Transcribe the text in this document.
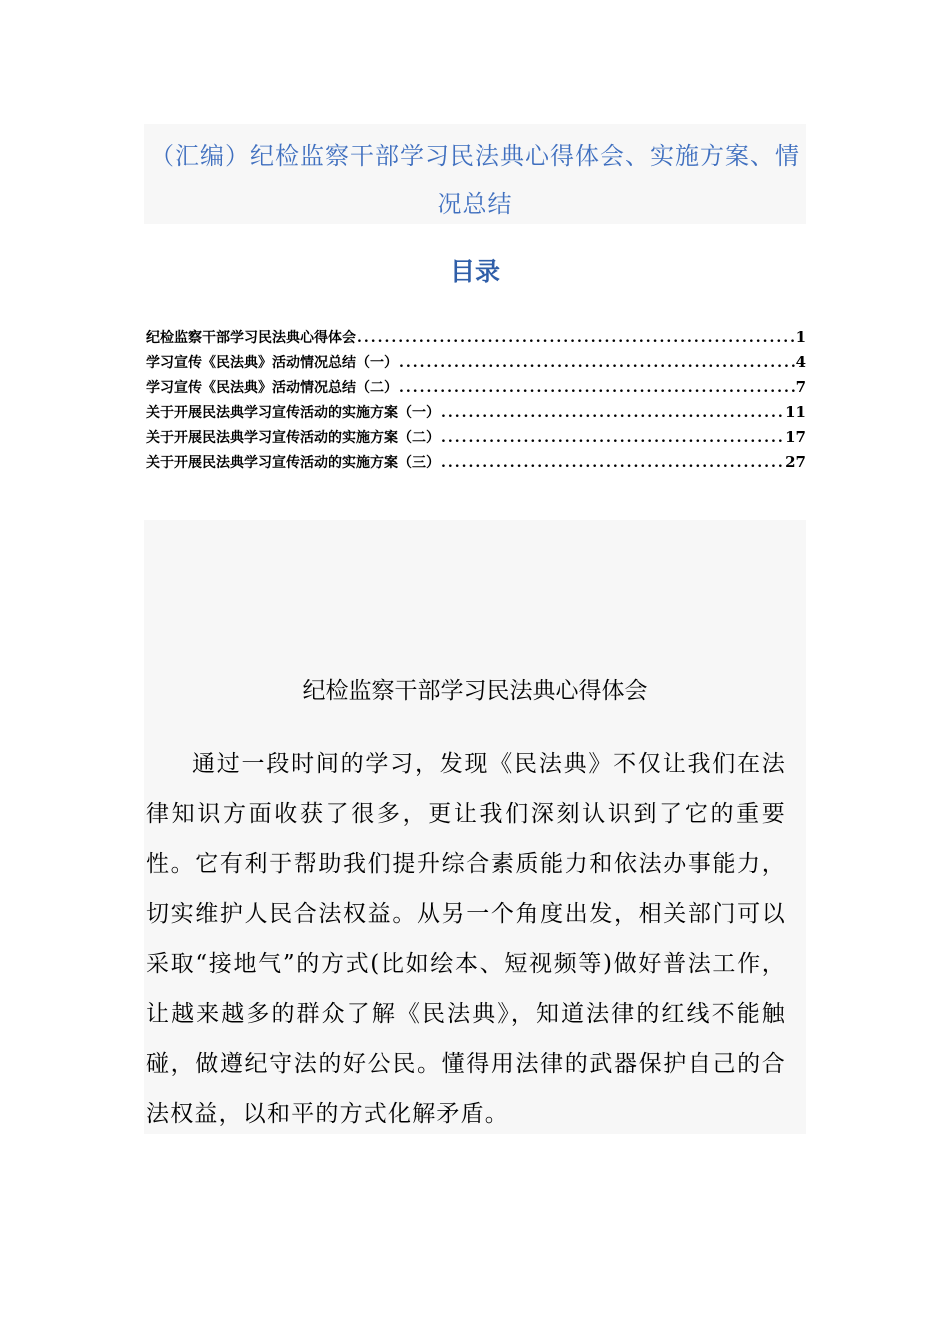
（汇编）纪检监察干部学习民法典心得体会、实施方案、情况总结
目录
纪检监察干部学习民法典心得体会 .....	1
学习宣传《民法典》活动情况总结（一） .....	4
学习宣传《民法典》活动情况总结（二） .....	7
关于开展民法典学习宣传活动的实施方案（一） .....	11
关于开展民法典学习宣传活动的实施方案（二） .....	17
关于开展民法典学习宣传活动的实施方案（三） .....	27
纪检监察干部学习民法典心得体会

通过一段时间的学习，发现《民法典》不仅让我们在法律知识方面收获了很多，更让我们深刻认识到了它的重要性。它有利于帮助我们提升综合素质能力和依法办事能力，切实维护人民合法权益。从另一个角度出发，相关部门可以采取“接地气”的方式(比如绘本、短视频等)做好普法工作，让越来越多的群众了解《民法典》，知道法律的红线不能触碰，做遵纪守法的好公民。懂得用法律的武器保护自己的合法权益，以和平的方式化解矛盾。
